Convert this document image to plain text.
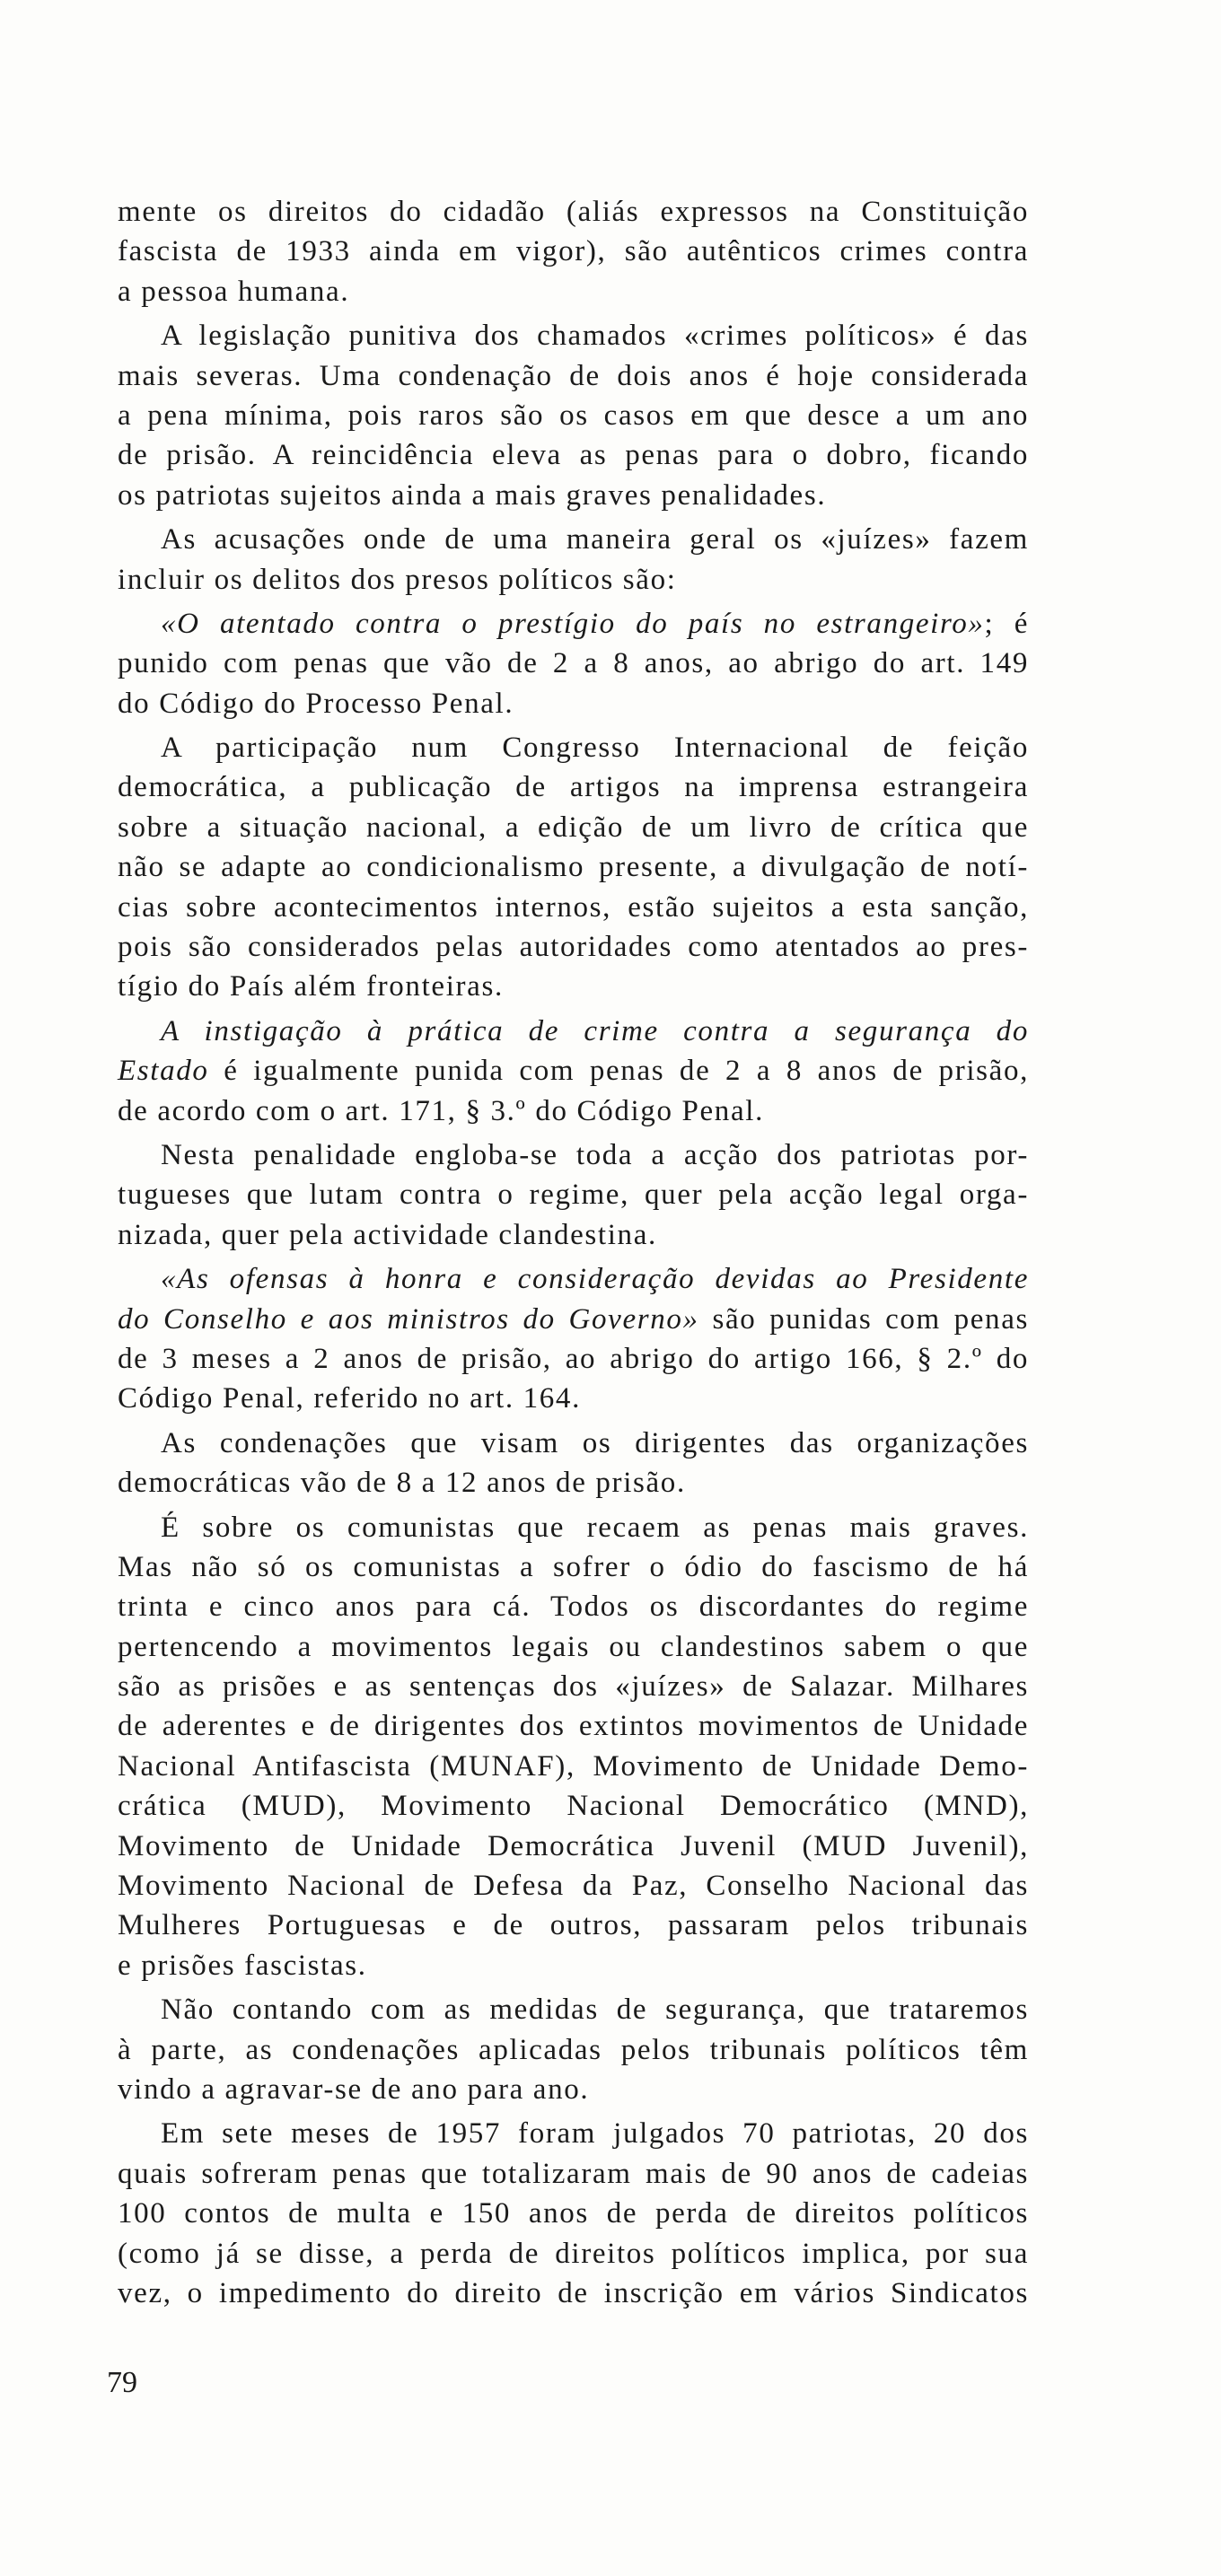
mente os direitos do cidadão (aliás expressos na Constituição
fascista de 1933 ainda em vigor), são autênticos crimes contra
a pessoa humana.
A legislação punitiva dos chamados «crimes políticos» é das
mais severas. Uma condenação de dois anos é hoje considerada
a pena mínima, pois raros são os casos em que desce a um ano
de prisão. A reincidência eleva as penas para o dobro, ficando
os patriotas sujeitos ainda a mais graves penalidades.
As acusações onde de uma maneira geral os «juízes» fazem
incluir os delitos dos presos políticos são:
«O atentado contra o prestígio do país no estrangeiro»; é
punido com penas que vão de 2 a 8 anos, ao abrigo do art. 149
do Código do Processo Penal.
A participação num Congresso Internacional de feição
democrática, a publicação de artigos na imprensa estrangeira
sobre a situação nacional, a edição de um livro de crítica que
não se adapte ao condicionalismo presente, a divulgação de notí-
cias sobre acontecimentos internos, estão sujeitos a esta sanção,
pois são considerados pelas autoridades como atentados ao pres-
tígio do País além fronteiras.
A instigação à prática de crime contra a segurança do
Estado é igualmente punida com penas de 2 a 8 anos de prisão,
de acordo com o art. 171, § 3.º do Código Penal.
Nesta penalidade engloba-se toda a acção dos patriotas por-
tugueses que lutam contra o regime, quer pela acção legal orga-
nizada, quer pela actividade clandestina.
«As ofensas à honra e consideração devidas ao Presidente
do Conselho e aos ministros do Governo» são punidas com penas
de 3 meses a 2 anos de prisão, ao abrigo do artigo 166, § 2.º do
Código Penal, referido no art. 164.
As condenações que visam os dirigentes das organizações
democráticas vão de 8 a 12 anos de prisão.
É sobre os comunistas que recaem as penas mais graves.
Mas não só os comunistas a sofrer o ódio do fascismo de há
trinta e cinco anos para cá. Todos os discordantes do regime
pertencendo a movimentos legais ou clandestinos sabem o que
são as prisões e as sentenças dos «juízes» de Salazar. Milhares
de aderentes e de dirigentes dos extintos movimentos de Unidade
Nacional Antifascista (MUNAF), Movimento de Unidade Demo-
crática (MUD), Movimento Nacional Democrático (MND),
Movimento de Unidade Democrática Juvenil (MUD Juvenil),
Movimento Nacional de Defesa da Paz, Conselho Nacional das
Mulheres Portuguesas e de outros, passaram pelos tribunais
e prisões fascistas.
Não contando com as medidas de segurança, que trataremos
à parte, as condenações aplicadas pelos tribunais políticos têm
vindo a agravar-se de ano para ano.
Em sete meses de 1957 foram julgados 70 patriotas, 20 dos
quais sofreram penas que totalizaram mais de 90 anos de cadeias
100 contos de multa e 150 anos de perda de direitos políticos
(como já se disse, a perda de direitos políticos implica, por sua
vez, o impedimento do direito de inscrição em vários Sindicatos
79
